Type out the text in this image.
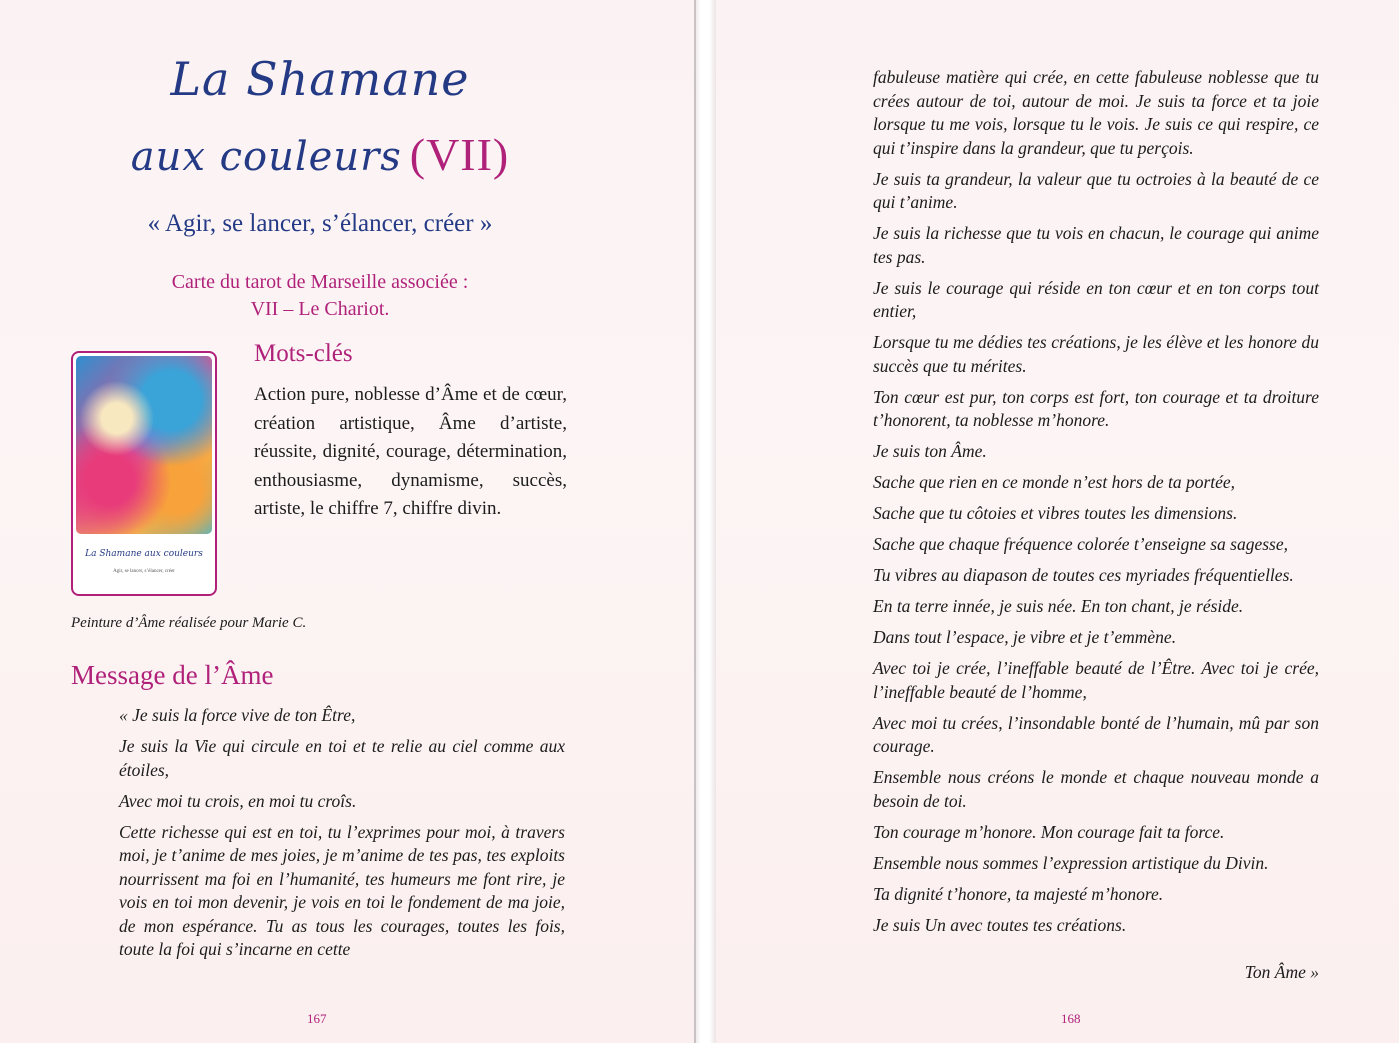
La Shamane
aux couleurs (VII)
« Agir, se lancer, s’élancer, créer »
Carte du tarot de Marseille associée :
VII – Le Chariot.
La Shamane aux couleurs
Agir, se lancer, s’élancer, créer
Mots-clés
Action pure, noblesse d’Âme et de cœur, création artistique, Âme d’artiste, réussite, dignité, courage, détermination, enthousiasme, dynamisme, succès, artiste, le chiffre 7, chiffre divin.
Peinture d’Âme réalisée pour Marie C.
Message de l’Âme

« Je suis la force vive de ton Être,

Je suis la Vie qui circule en toi et te relie au ciel comme aux étoiles,

Avec moi tu crois, en moi tu croîs.

Cette richesse qui est en toi, tu l’exprimes pour moi, à travers moi, je t’anime de mes joies, je m’anime de tes pas, tes exploits nourrissent ma foi en l’humanité, tes humeurs me font rire, je vois en toi mon devenir, je vois en toi le fondement de ma joie, de mon espérance. Tu as tous les courages, toutes les fois, toute la foi qui s’incarne en cette

167

fabuleuse matière qui crée, en cette fabuleuse noblesse que tu crées autour de toi, autour de moi. Je suis ta force et ta joie lorsque tu me vois, lorsque tu le vois. Je suis ce qui respire, ce qui t’inspire dans la grandeur, que tu perçois.

Je suis ta grandeur, la valeur que tu octroies à la beauté de ce qui t’anime.

Je suis la richesse que tu vois en chacun, le courage qui anime tes pas.

Je suis le courage qui réside en ton cœur et en ton corps tout entier,

Lorsque tu me dédies tes créations, je les élève et les honore du succès que tu mérites.

Ton cœur est pur, ton corps est fort, ton courage et ta droiture t’honorent, ta noblesse m’honore.

Je suis ton Âme.

Sache que rien en ce monde n’est hors de ta portée,

Sache que tu côtoies et vibres toutes les dimensions.

Sache que chaque fréquence colorée t’enseigne sa sagesse,

Tu vibres au diapason de toutes ces myriades fréquentielles.

En ta terre innée, je suis née. En ton chant, je réside.

Dans tout l’espace, je vibre et je t’emmène.

Avec toi je crée, l’ineffable beauté de l’Être. Avec toi je crée, l’ineffable beauté de l’homme,

Avec moi tu crées, l’insondable bonté de l’humain, mû par son courage.

Ensemble nous créons le monde et chaque nouveau monde a besoin de toi.

Ton courage m’honore. Mon courage fait ta force.

Ensemble nous sommes l’expression artistique du Divin.

Ta dignité t’honore, ta majesté m’honore.

Je suis Un avec toutes tes créations.

Ton Âme »
168
